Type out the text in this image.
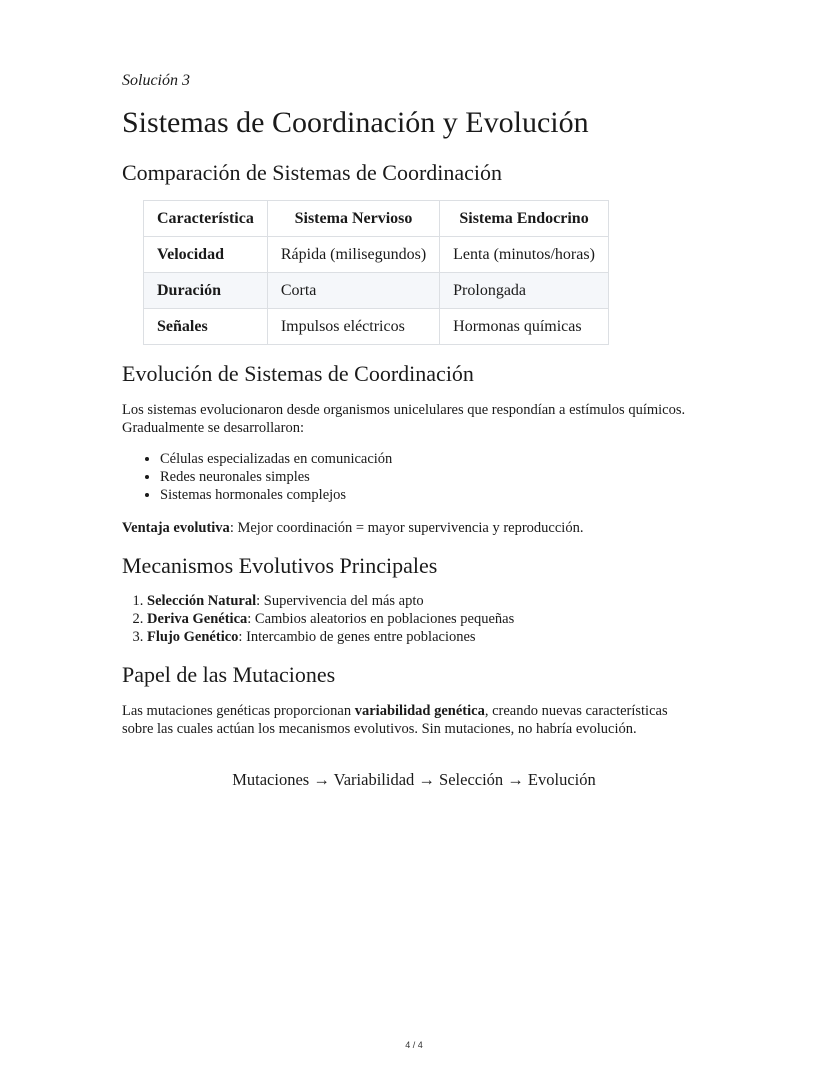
Solución 3
Sistemas de Coordinación y Evolución
Comparación de Sistemas de Coordinación
Característica	Sistema Nervioso	Sistema Endocrino
Velocidad	Rápida (milisegundos)	Lenta (minutos/horas)
Duración	Corta	Prolongada
Señales	Impulsos eléctricos	Hormonas químicas
Evolución de Sistemas de Coordinación

Los sistemas evolucionaron desde organismos unicelulares que respondían a estímulos químicos. Gradualmente se desarrollaron:

• Células especializadas en comunicación
• Redes neuronales simples
• Sistemas hormonales complejos

Ventaja evolutiva: Mejor coordinación = mayor supervivencia y reproducción.

Mecanismos Evolutivos Principales
1. Selección Natural: Supervivencia del más apto
2. Deriva Genética: Cambios aleatorios en poblaciones pequeñas
3. Flujo Genético: Intercambio de genes entre poblaciones
Papel de las Mutaciones

Las mutaciones genéticas proporcionan variabilidad genética, creando nuevas características sobre las cuales actúan los mecanismos evolutivos. Sin mutaciones, no habría evolución.

Mutaciones → Variabilidad → Selección → Evolución
4 / 4
